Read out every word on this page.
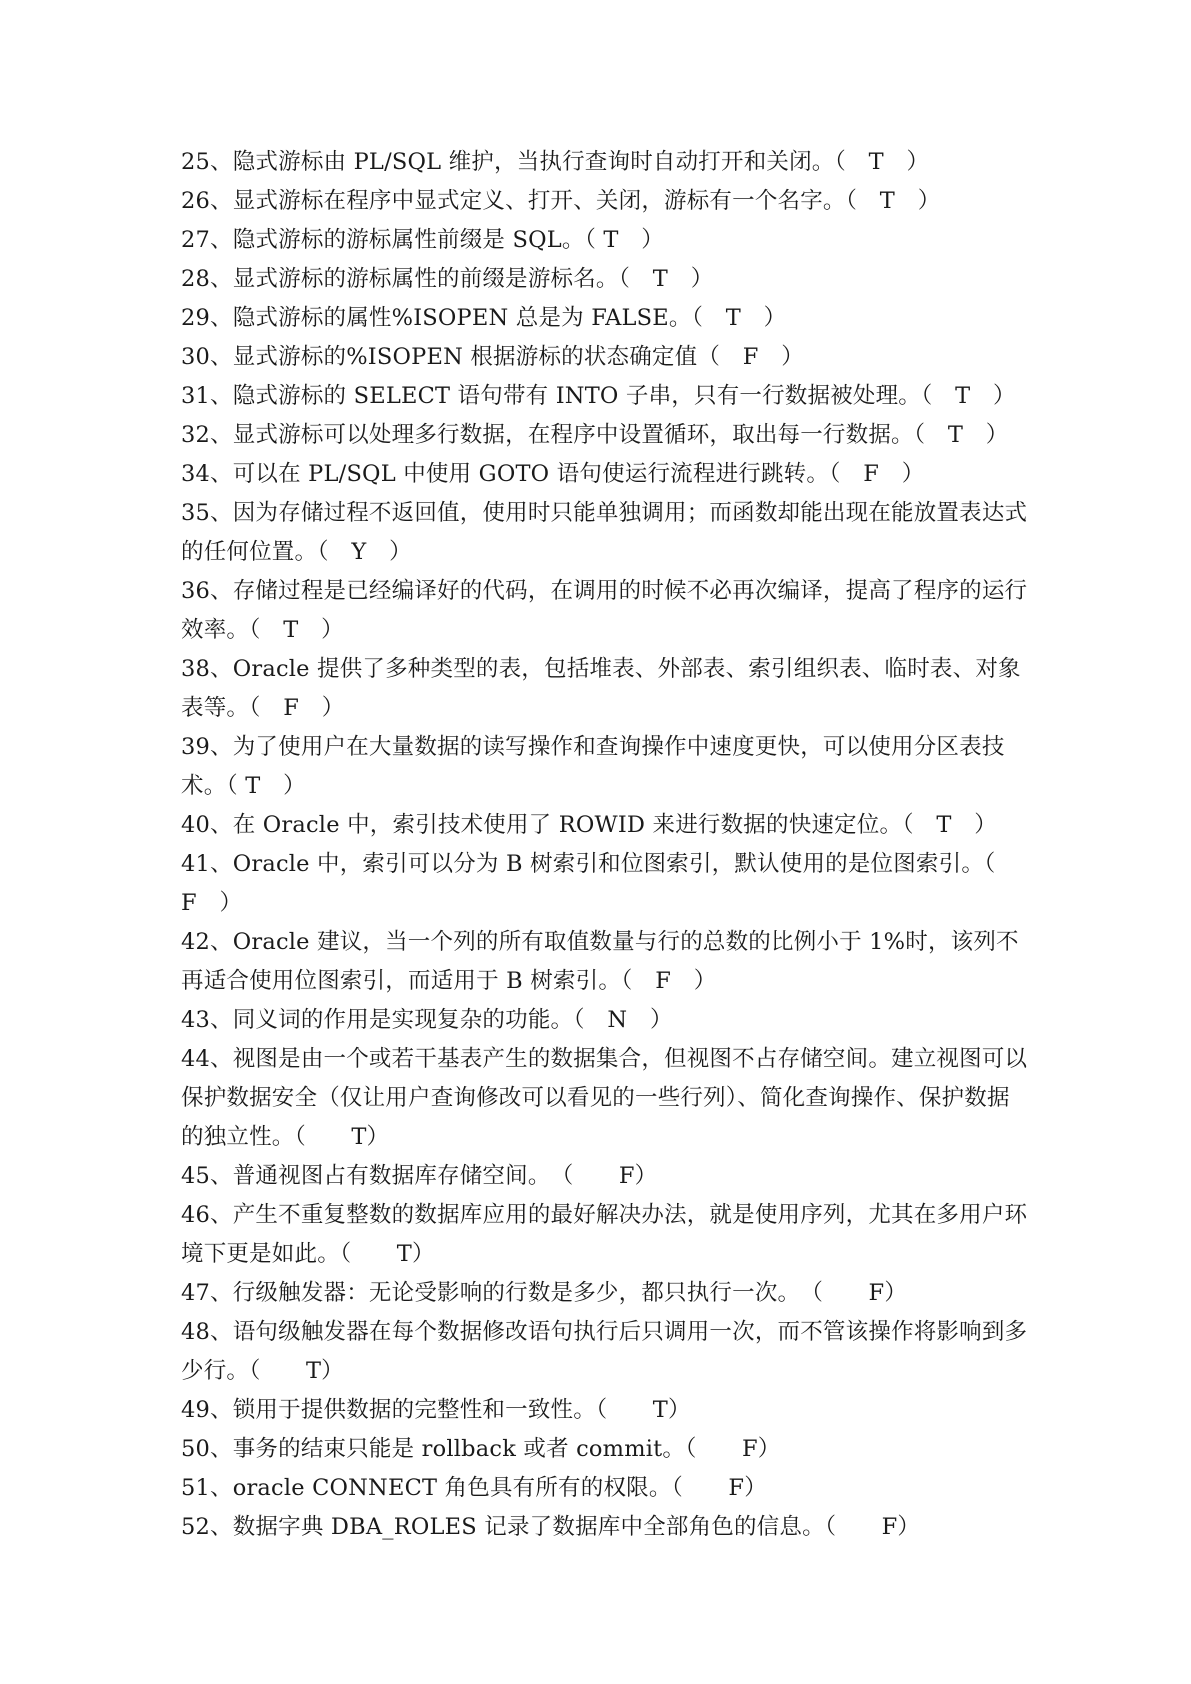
25、隐式游标由 PL/SQL 维护，当执行查询时自动打开和关闭。（　T　）

26、显式游标在程序中显式定义、打开、关闭，游标有一个名字。（　T　）

27、隐式游标的游标属性前缀是 SQL。（ T　）

28、显式游标的游标属性的前缀是游标名。（　T　）

29、隐式游标的属性%ISOPEN 总是为 FALSE。（　T　）

30、显式游标的%ISOPEN 根据游标的状态确定值（　F　）

31、隐式游标的 SELECT 语句带有 INTO 子串，只有一行数据被处理。（　T　）

32、显式游标可以处理多行数据，在程序中设置循环，取出每一行数据。（　T　）

34、可以在 PL/SQL 中使用 GOTO 语句使运行流程进行跳转。（　F　）

35、因为存储过程不返回值，使用时只能单独调用；而函数却能出现在能放置表达式的任何位置。（　Y　）

36、存储过程是已经编译好的代码，在调用的时候不必再次编译，提高了程序的运行效率。（　T　）

38、Oracle 提供了多种类型的表，包括堆表、外部表、索引组织表、临时表、对象表等。（　F　）

39、为了使用户在大量数据的读写操作和查询操作中速度更快，可以使用分区表技术。（ T　）

40、在 Oracle 中，索引技术使用了 ROWID 来进行数据的快速定位。（　T　）

41、Oracle 中，索引可以分为 B 树索引和位图索引，默认使用的是位图索引。（　F　）

42、Oracle 建议，当一个列的所有取值数量与行的总数的比例小于 1%时，该列不再适合使用位图索引，而适用于 B 树索引。（　F　）

43、同义词的作用是实现复杂的功能。（　N　）

44、视图是由一个或若干基表产生的数据集合，但视图不占存储空间。建立视图可以保护数据安全（仅让用户查询修改可以看见的一些行列）、简化查询操作、保护数据的独立性。（　　T）

45、普通视图占有数据库存储空间。　（　　F）

46、产生不重复整数的数据库应用的最好解决办法，就是使用序列，尤其在多用户环境下更是如此。（　　T）

47、行级触发器：无论受影响的行数是多少，都只执行一次。　（　　F）

48、语句级触发器在每个数据修改语句执行后只调用一次，而不管该操作将影响到多少行。（　　T）

49、锁用于提供数据的完整性和一致性。（　　T）

50、事务的结束只能是 rollback 或者 commit。（　　F）

51、oracle CONNECT 角色具有所有的权限。（　　F）

52、数据字典 DBA_ROLES 记录了数据库中全部角色的信息。（　　F）
